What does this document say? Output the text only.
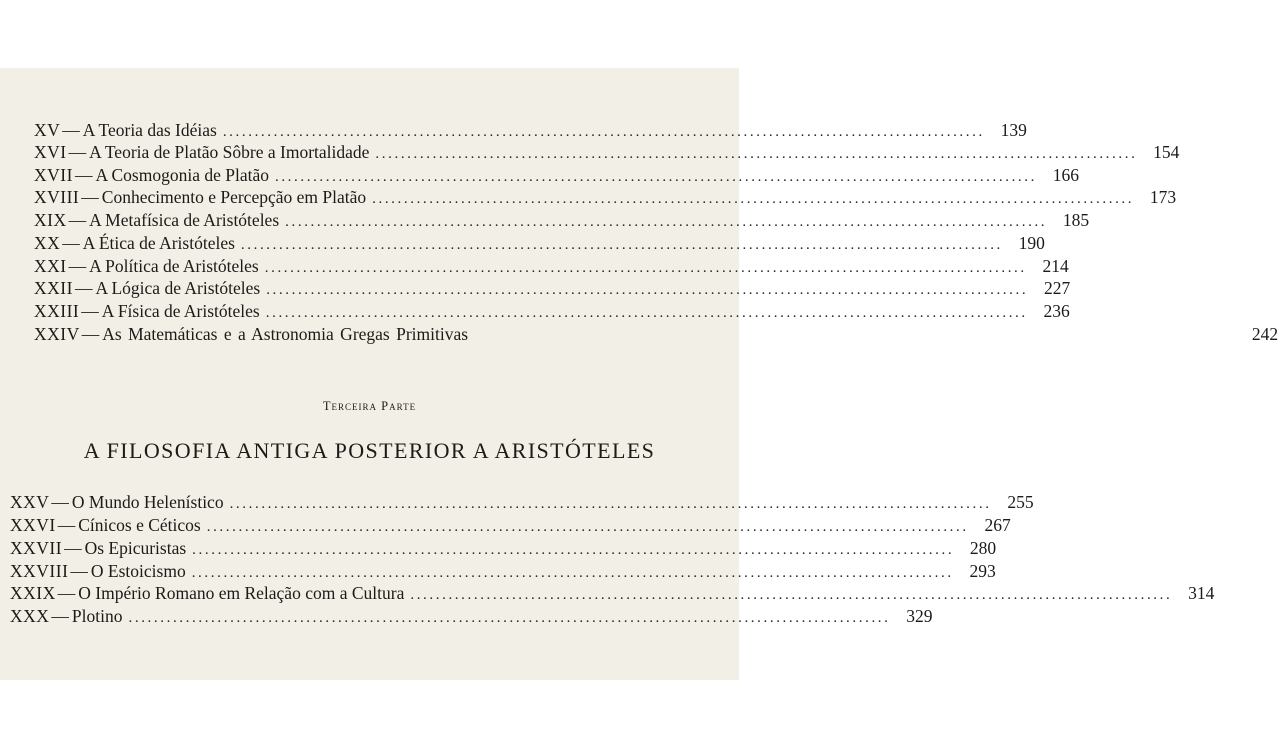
XV — A Teoria das Idéias ........................................................................................................................ 139
XVI — A Teoria de Platão Sôbre a Imortalidade ........................................................................................................................ 154
XVII — A Cosmogonia de Platão ........................................................................................................................ 166
XVIII — Conhecimento e Percepção em Platão ........................................................................................................................ 173
XIX — A Metafísica de Aristóteles ........................................................................................................................ 185
XX — A Ética de Aristóteles ........................................................................................................................ 190
XXI — A Política de Aristóteles ........................................................................................................................ 214
XXII — A Lógica de Aristóteles ........................................................................................................................ 227
XXIII — A Física de Aristóteles ........................................................................................................................ 236
XXIV — As Matemáticas e a Astronomia Gregas Primitivas	242
Terceira Parte
A FILOSOFIA ANTIGA POSTERIOR A ARISTÓTELES
XXV — O Mundo Helenístico ........................................................................................................................ 255
XXVI — Cínicos e Céticos ........................................................................................................................ 267
XXVII — Os Epicuristas ........................................................................................................................ 280
XXVIII — O Estoicismo ........................................................................................................................ 293
XXIX — O Império Romano em Relação com a Cultura ........................................................................................................................ 314
XXX — Plotino ........................................................................................................................ 329
